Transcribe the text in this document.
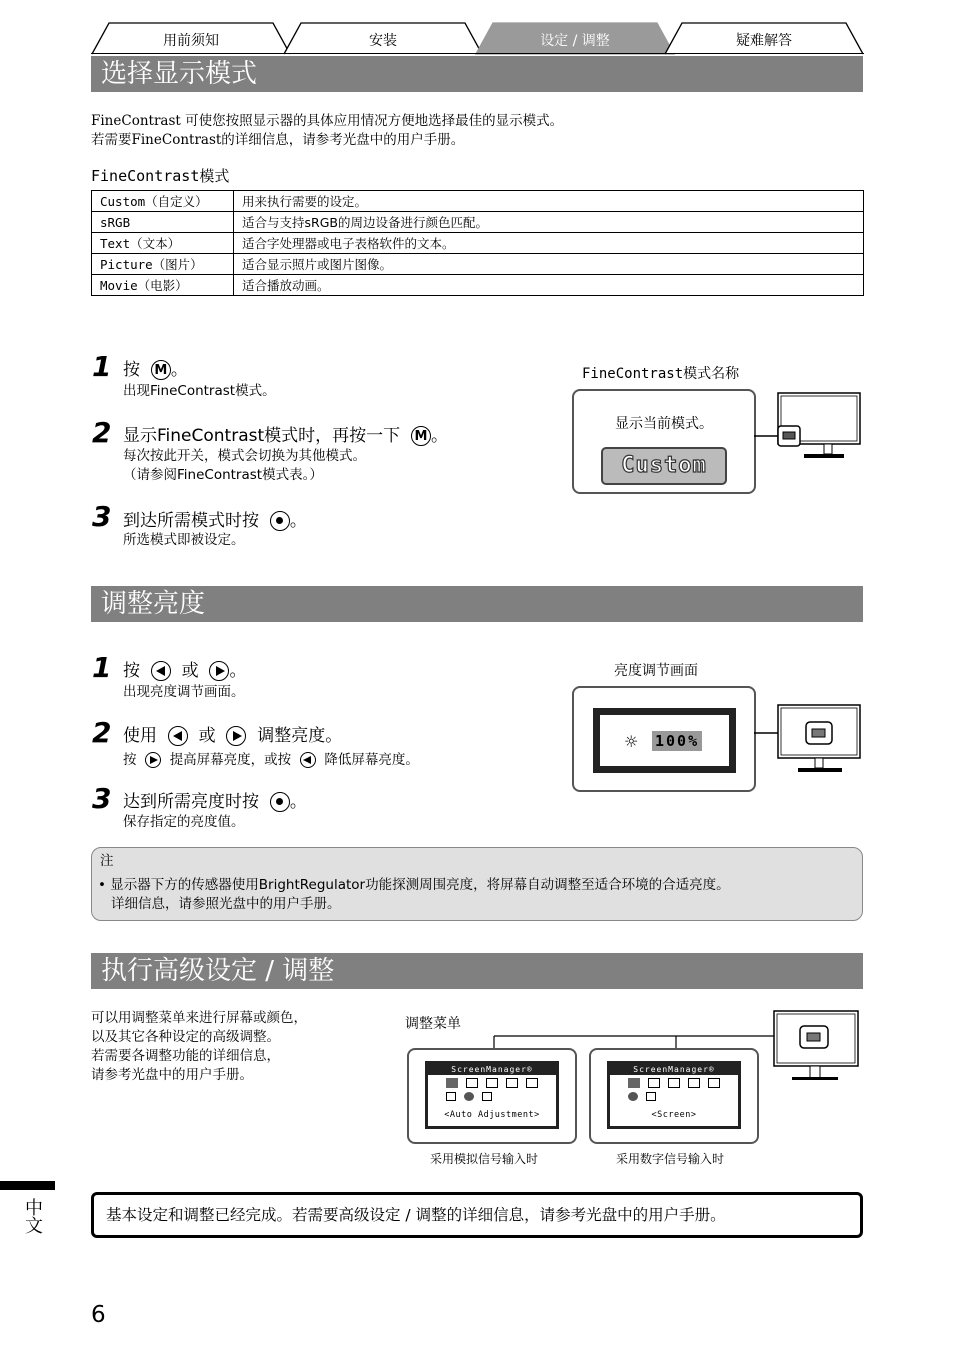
用前须知	安装	设定 / 调整	疑难解答
选择显示模式
FineContrast 可使您按照显示器的具体应用情况方便地选择最佳的显示模式。
若需要FineContrast的详细信息，请参考光盘中的用户手册。
FineContrast模式
Custom（自定义）	用来执行需要的设定。
sRGB	适合与支持sRGB的周边设备进行颜色匹配。
Text（文本）	适合字处理器或电子表格软件的文本。
Picture（图片）	适合显示照片或图片图像。
Movie（电影）	适合播放动画。
1 按 M 。
出现FineContrast模式。
2 显示FineContrast模式时，再按一下 M 。
每次按此开关，模式会切换为其他模式。
（请参阅FineContrast模式表。）
3 到达所需模式时按 。
所选模式即被设定。
FineContrast模式名称
显示当前模式。
Custom
调整亮度
1 按 或 。
出现亮度调节画面。
2 使用 或 调整亮度。
按 提高屏幕亮度，或按 降低屏幕亮度。
3 达到所需亮度时按 。
保存指定的亮度值。
亮度调节画面
☼ 100%
注
• 显示器下方的传感器使用BrightRegulator功能探测周围亮度，将屏幕自动调整至适合环境的合适亮度。
详细信息，请参照光盘中的用户手册。
执行高级设定 / 调整
可以用调整菜单来进行屏幕或颜色，
以及其它各种设定的高级调整。
若需要各调整功能的详细信息，
请参考光盘中的用户手册。
调整菜单
ScreenManager®
<Auto Adjustment>
采用模拟信号输入时
ScreenManager®
<Screen>
采用数字信号输入时
基本设定和调整已经完成。若需要高级设定 / 调整的详细信息，请参考光盘中的用户手册。
中文
6
